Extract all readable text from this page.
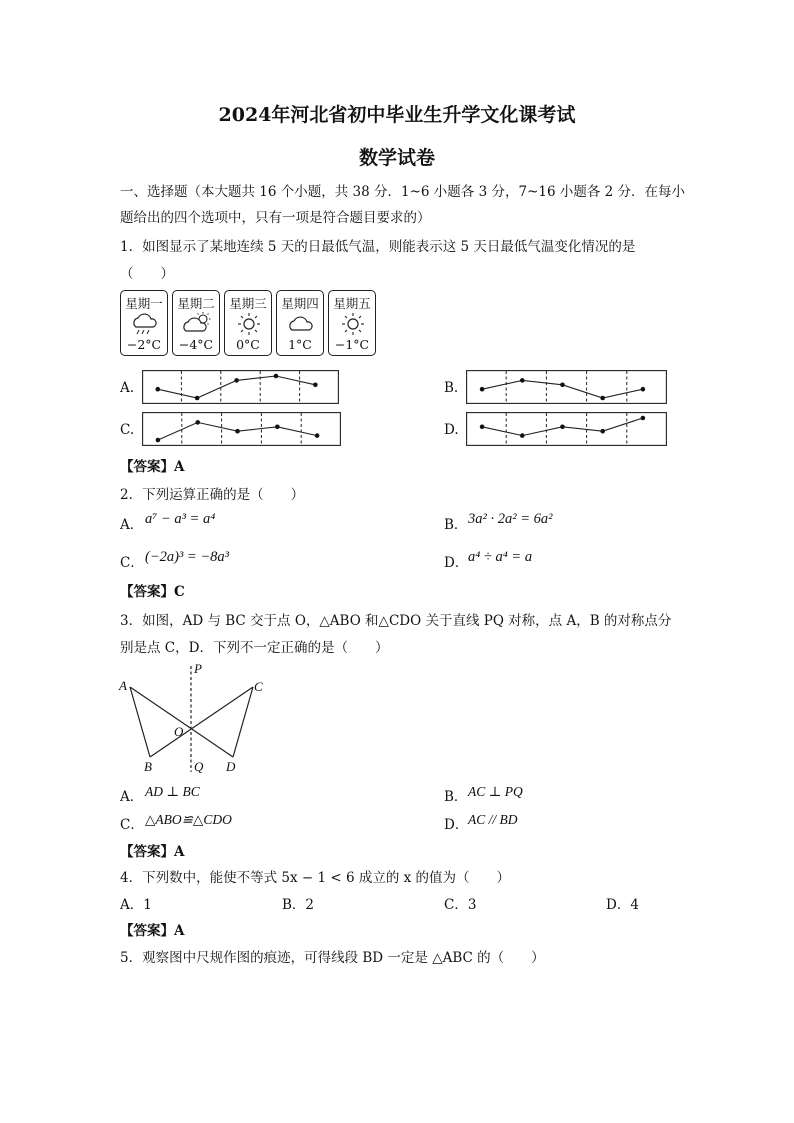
2024年河北省初中毕业生升学文化课考试
数学试卷
一、选择题（本大题共 16 个小题，共 38 分．1~6 小题各 3 分，7~16 小题各 2 分．在每小
题给出的四个选项中，只有一项是符合题目要求的）
1．如图显示了某地连续 5 天的日最低气温，则能表示这 5 天日最低气温变化情况的是
（　　）
星期一
−2°C
星期二
−4°C
星期三
0°C
星期四
1°C
星期五
−1°C
A.	B.
C.	D.
【答案】A
2．下列运算正确的是（　　）
A． a⁷ − a³ = a⁴	B． 3a² · 2a² = 6a²
C． (−2a)³ = −8a³	D． a⁴ ÷ a⁴ = a
【答案】C
3．如图，AD 与 BC 交于点 O，△ABO 和△CDO 关于直线 PQ 对称，点 A，B 的对称点分
别是点 C，D．下列不一定正确的是（　　）
A
B
C
D
O
P
Q
A． AD ⊥ BC	B． AC ⊥ PQ
C． △ABO≌△CDO	D． AC // BD
【答案】A
4．下列数中，能使不等式 5x − 1 < 6 成立的 x 的值为（　　）
A．1	B．2	C．3	D．4
【答案】A
5．观察图中尺规作图的痕迹，可得线段 BD 一定是 △ABC 的（　　）
